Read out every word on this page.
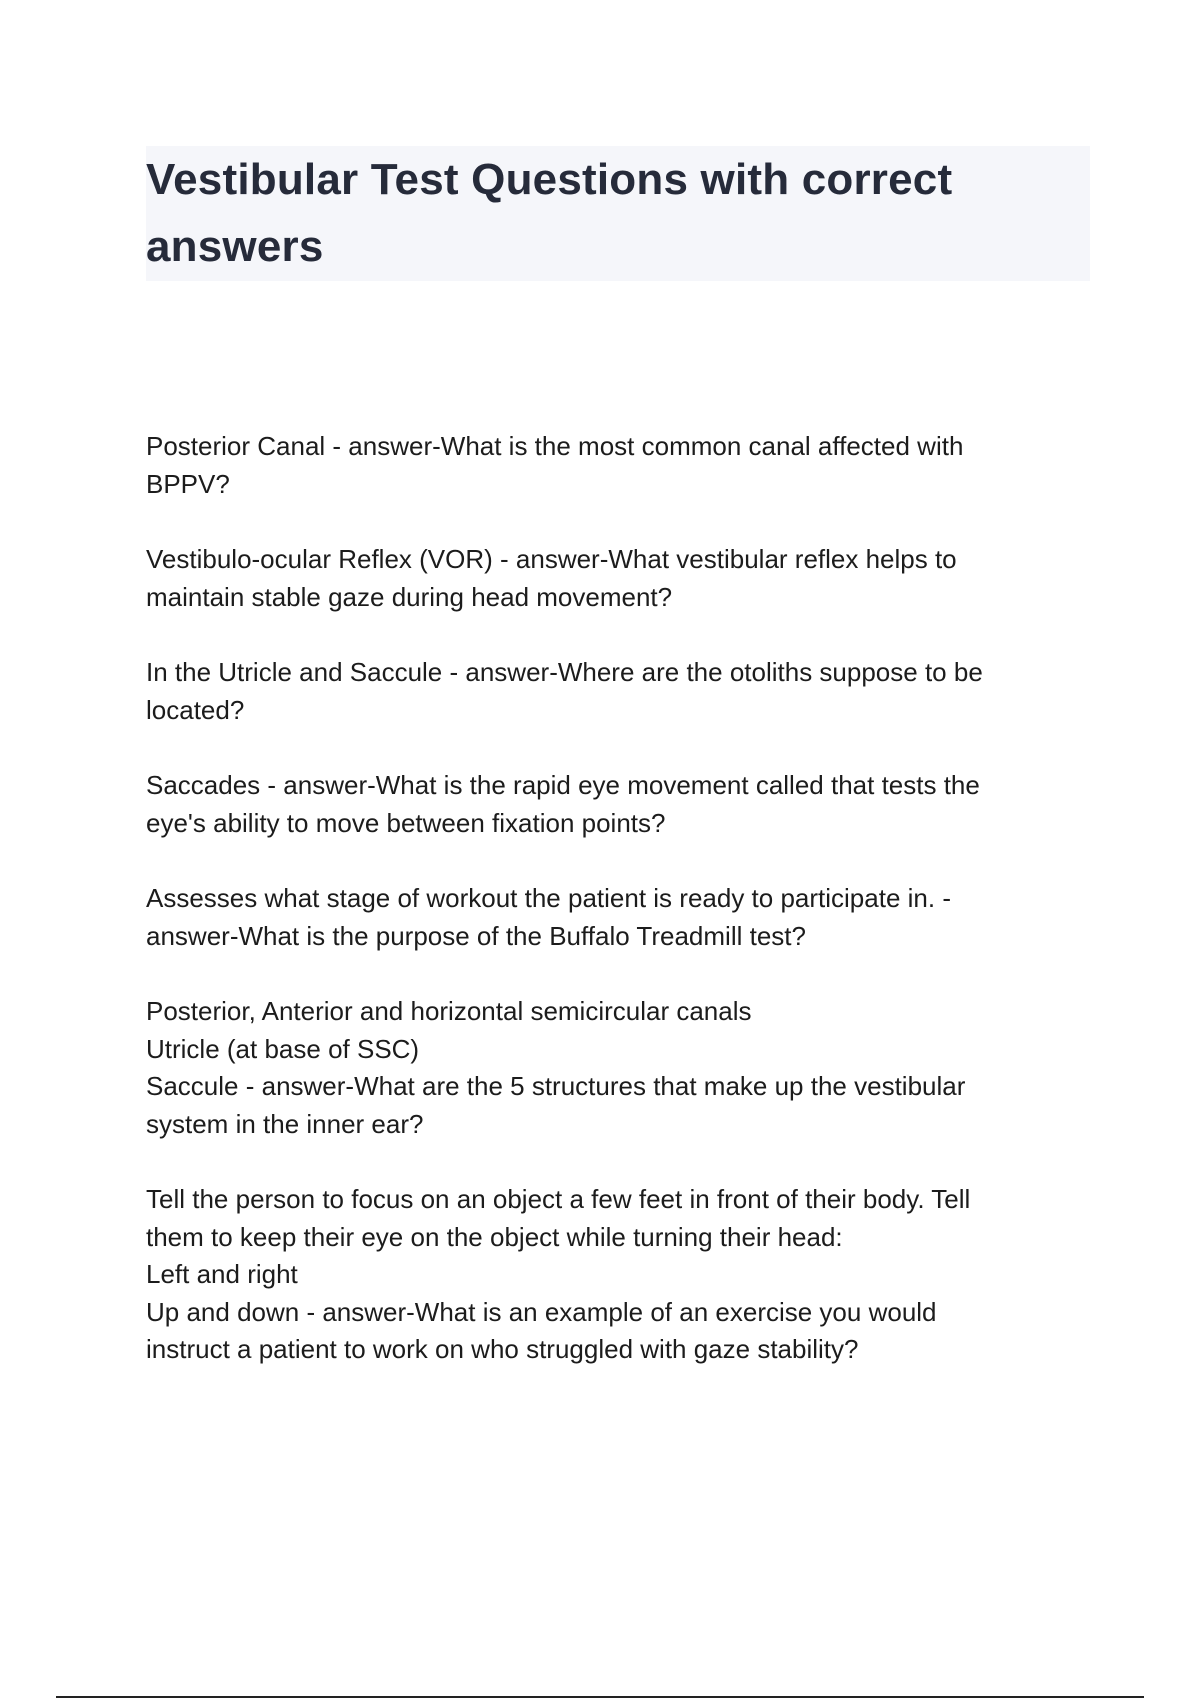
Vestibular Test Questions with correct
answers
Posterior Canal - answer-What is the most common canal affected with
BPPV?
Vestibulo-ocular Reflex (VOR) - answer-What vestibular reflex helps to
maintain stable gaze during head movement?
In the Utricle and Saccule - answer-Where are the otoliths suppose to be
located?
Saccades - answer-What is the rapid eye movement called that tests the
eye's ability to move between fixation points?
Assesses what stage of workout the patient is ready to participate in. -
answer-What is the purpose of the Buffalo Treadmill test?
Posterior, Anterior and horizontal semicircular canals
Utricle (at base of SSC)
Saccule - answer-What are the 5 structures that make up the vestibular
system in the inner ear?
Tell the person to focus on an object a few feet in front of their body. Tell
them to keep their eye on the object while turning their head:
Left and right
Up and down - answer-What is an example of an exercise you would
instruct a patient to work on who struggled with gaze stability?
